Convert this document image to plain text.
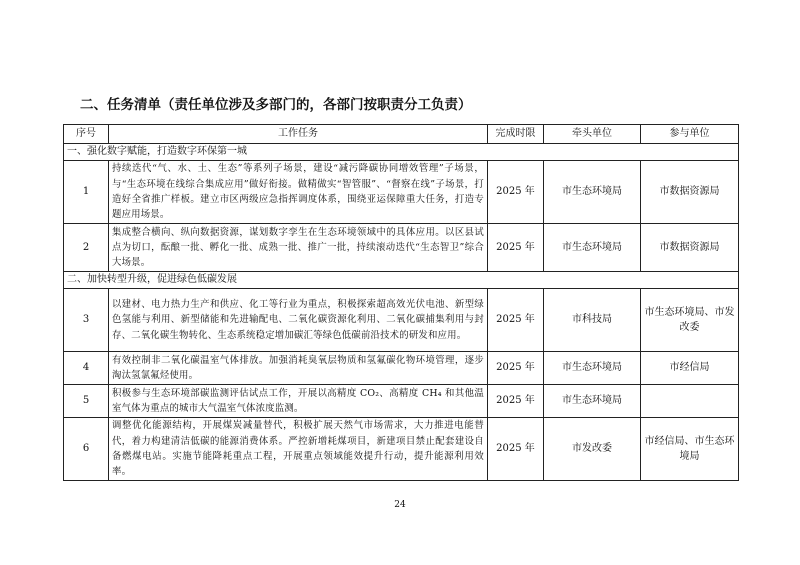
二、任务清单（责任单位涉及多部门的，各部门按职责分工负责）
序号	工作任务	完成时限	牵头单位	参与单位
一、强化数字赋能，打造数字环保第一城				
1	持续迭代“气、水、土、生态”等系列子场景，建设“减污降碳协同增效管理”子场景，与“生态环境在线综合集成应用”做好衔接。做精做实“智管服”、“督察在线”子场景，打造好全省推广样板。建立市区两级应急指挥调度体系，围绕亚运保障重大任务，打造专题应用场景。	2025 年	市生态环境局	市数据资源局
2	集成整合横向、纵向数据资源，谋划数字孪生在生态环境领域中的具体应用。以区县试点为切口，酝酿一批、孵化一批、成熟一批、推广一批，持续滚动迭代“生态智卫”综合大场景。	2025 年	市生态环境局	市数据资源局
二、加快转型升级，促进绿色低碳发展				
3	以建材、电力热力生产和供应、化工等行业为重点，积极探索超高效光伏电池、新型绿色氢能与利用、新型储能和先进输配电、二氧化碳资源化利用、二氧化碳捕集利用与封存、二氧化碳生物转化、生态系统稳定增加碳汇等绿色低碳前沿技术的研发和应用。	2025 年	市科技局	市生态环境局、市发改委
4	有效控制非二氧化碳温室气体排放。加强消耗臭氧层物质和氢氟碳化物环境管理，逐步淘汰氢氯氟烃使用。	2025 年	市生态环境局	市经信局
5	积极参与生态环境部碳监测评估试点工作，开展以高精度 CO₂、高精度 CH₄ 和其他温室气体为重点的城市大气温室气体浓度监测。	2025 年	市生态环境局	
6	调整优化能源结构，开展煤炭减量替代，积极扩展天然气市场需求，大力推进电能替代，着力构建清洁低碳的能源消费体系。严控新增耗煤项目，新建项目禁止配套建设自备燃煤电站。实施节能降耗重点工程，开展重点领域能效提升行动，提升能源利用效率。	2025 年	市发改委	市经信局、市生态环境局
24
